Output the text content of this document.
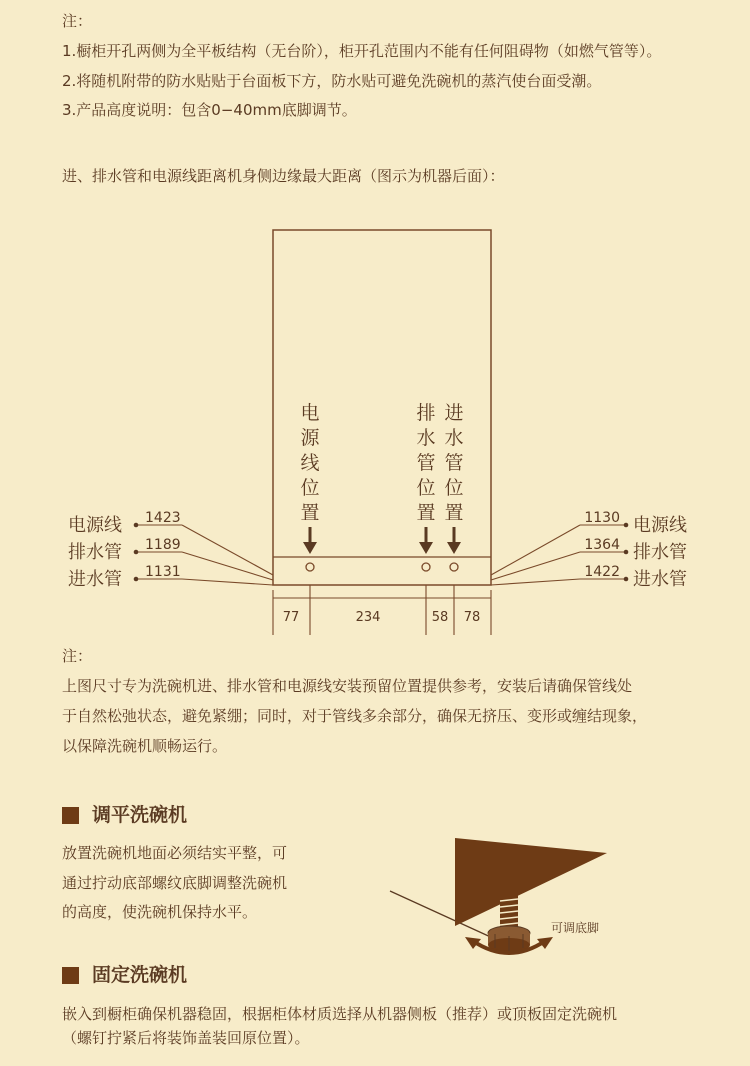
注：
1.橱柜开孔两侧为全平板结构（无台阶），柜开孔范围内不能有任何阻碍物（如燃气管等）。
2.将随机附带的防水贴贴于台面板下方，防水贴可避免洗碗机的蒸汽使台面受潮。
3.产品高度说明：包含0−40mm底脚调节。
进、排水管和电源线距离机身侧边缘最大距离（图示为机器后面）：
电
源
线
位
置
排
水
管
位
置
进
水
管
位
置
电源线
排水管
进水管
1423
1189
1131
电源线
排水管
进水管
1130
1364
1422
77	234	58 78
注：
上图尺寸专为洗碗机进、排水管和电源线安装预留位置提供参考，安装后请确保管线处
于自然松弛状态，避免紧绷；同时，对于管线多余部分，确保无挤压、变形或缠结现象，
以保障洗碗机顺畅运行。
调平洗碗机
放置洗碗机地面必须结实平整，可
通过拧动底部螺纹底脚调整洗碗机
的高度，使洗碗机保持水平。
可调底脚
固定洗碗机
嵌入到橱柜确保机器稳固，根据柜体材质选择从机器侧板（推荐）或顶板固定洗碗机
（螺钉拧紧后将装饰盖装回原位置）。
